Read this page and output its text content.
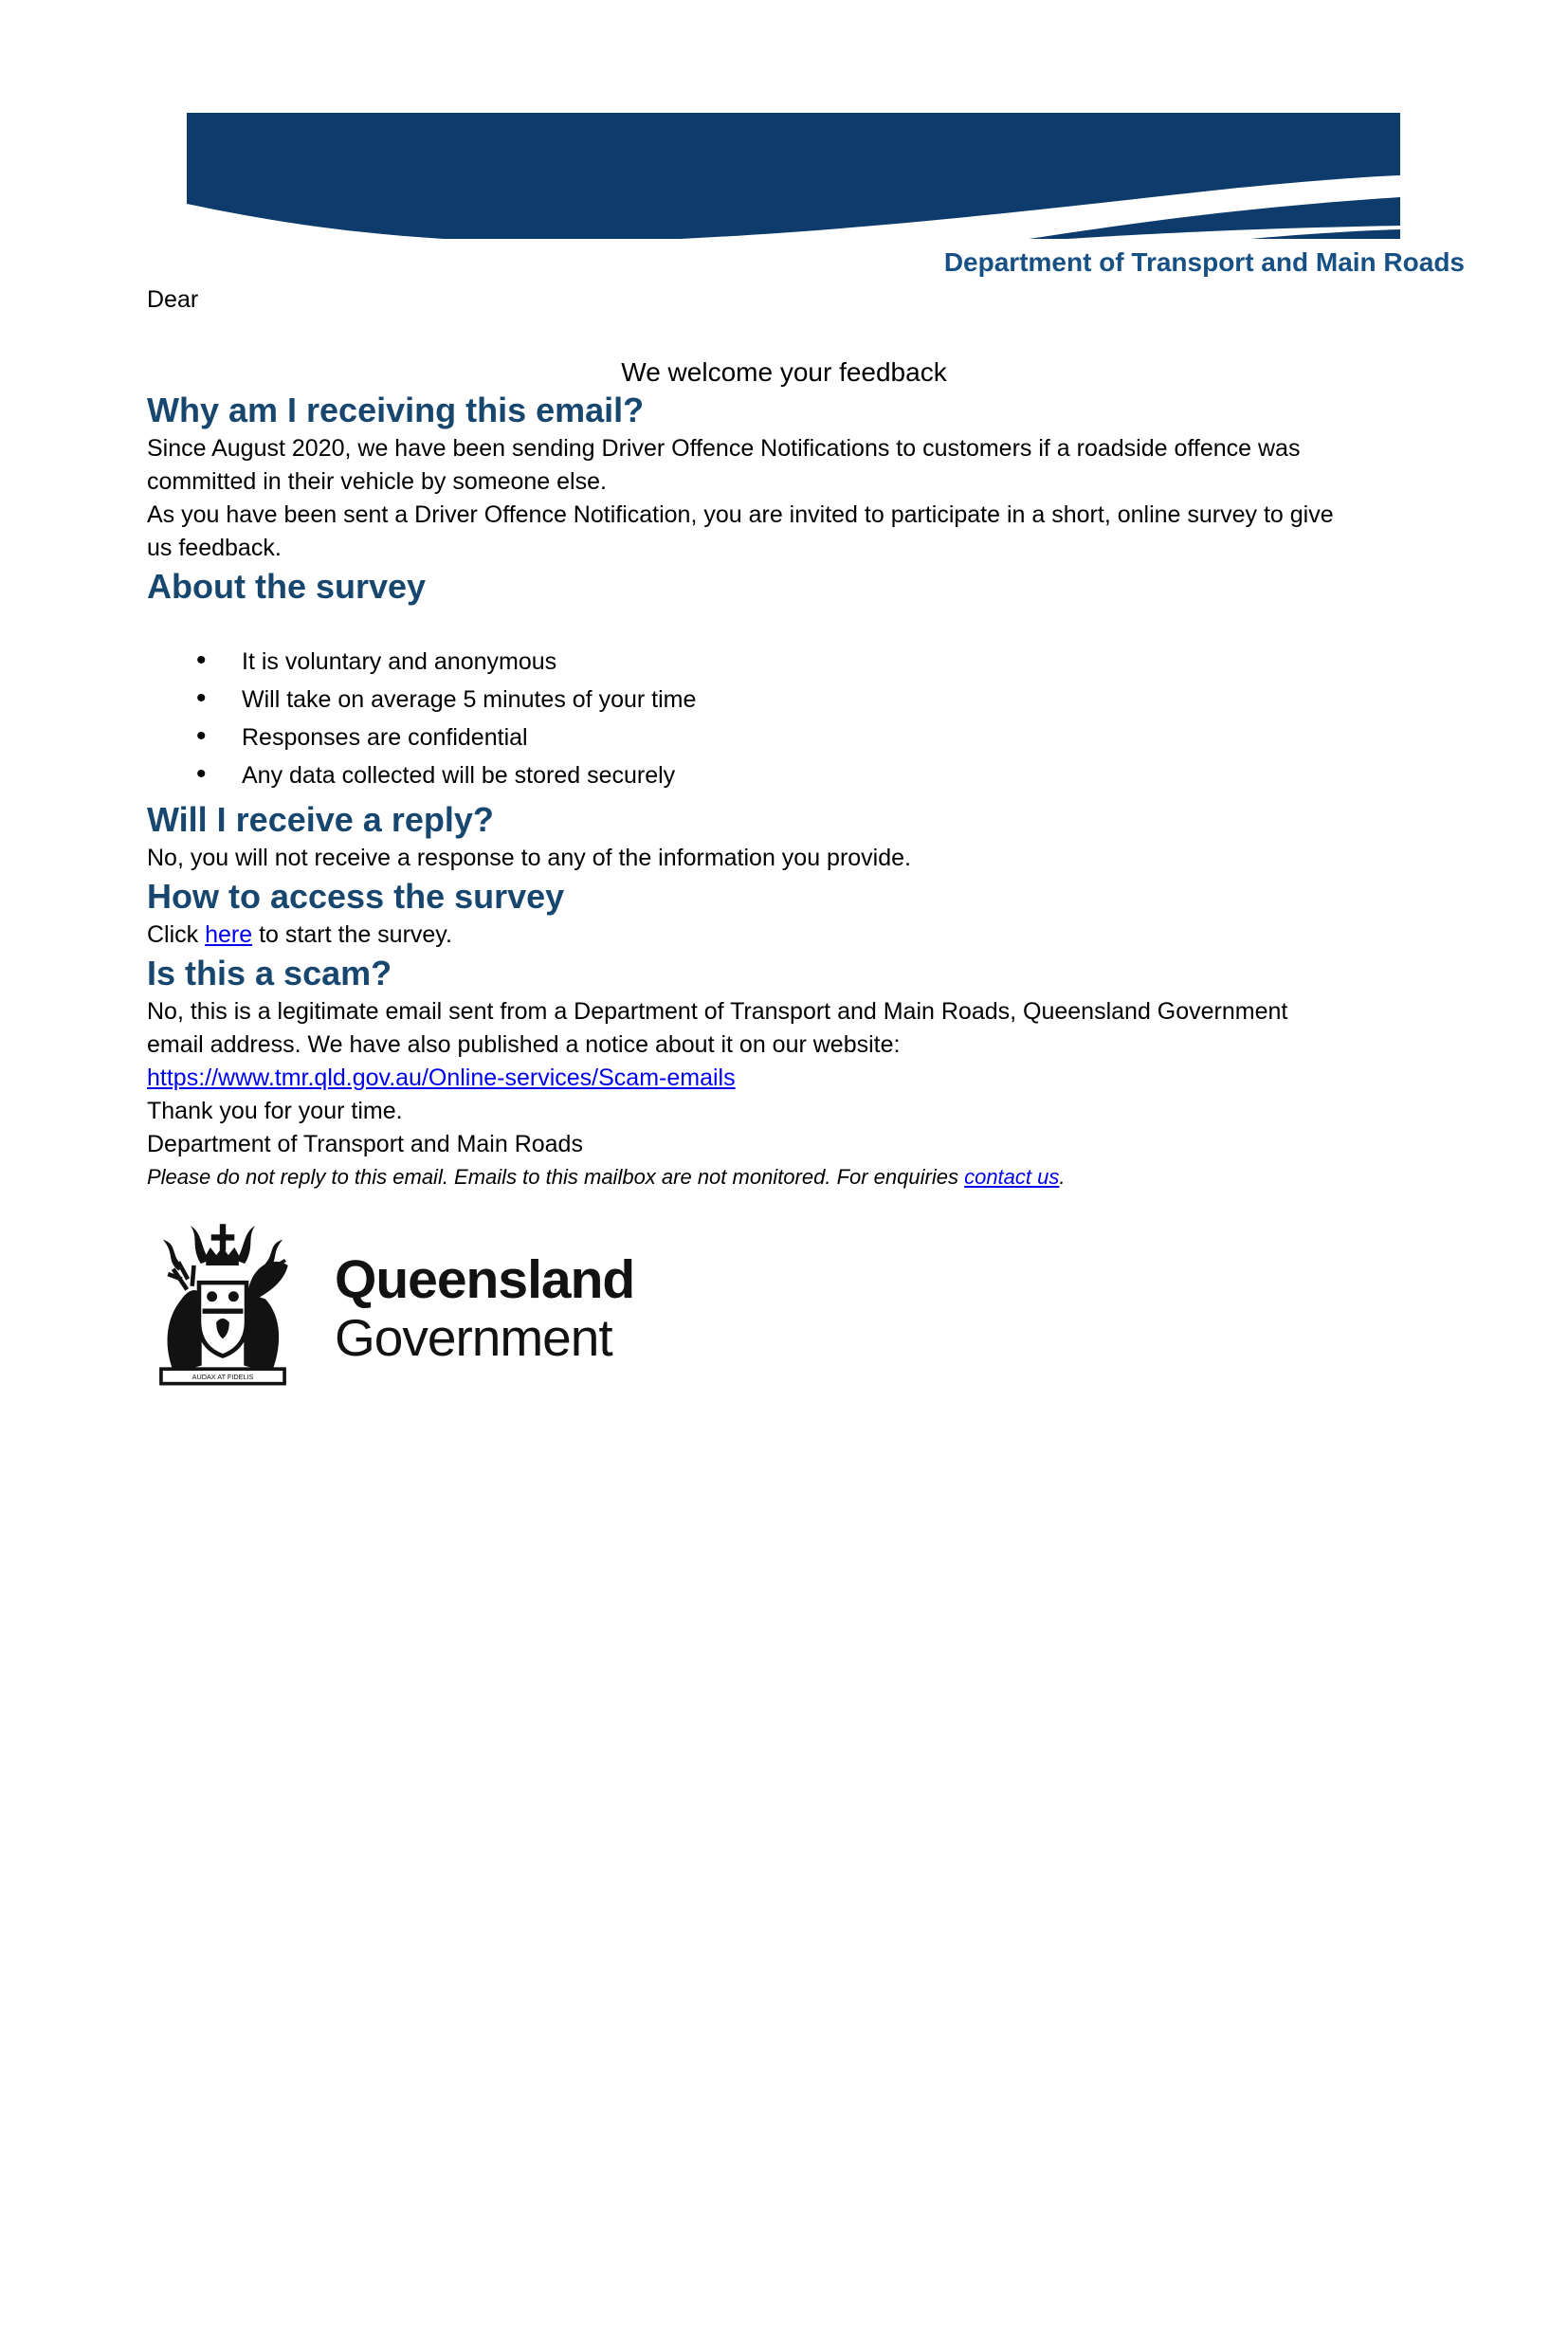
Department of Transport and Main Roads
Dear
We welcome your feedback
Why am I receiving this email?

Since August 2020, we have been sending Driver Offence Notifications to customers if a roadside offence was committed in their vehicle by someone else.

As you have been sent a Driver Offence Notification, you are invited to participate in a short, online survey to give us feedback.

About the survey
• It is voluntary and anonymous
• Will take on average 5 minutes of your time
• Responses are confidential
• Any data collected will be stored securely
Will I receive a reply?

No, you will not receive a response to any of the information you provide.

How to access the survey

Click here to start the survey.

Is this a scam?

No, this is a legitimate email sent from a Department of Transport and Main Roads, Queensland Government email address. We have also published a notice about it on our website:
https://www.tmr.qld.gov.au/Online-services/Scam-emails

Thank you for your time.

Department of Transport and Main Roads

Please do not reply to this email. Emails to this mailbox are not monitored. For enquiries contact us.
AUDAX AT FIDELIS
Queensland
Government
